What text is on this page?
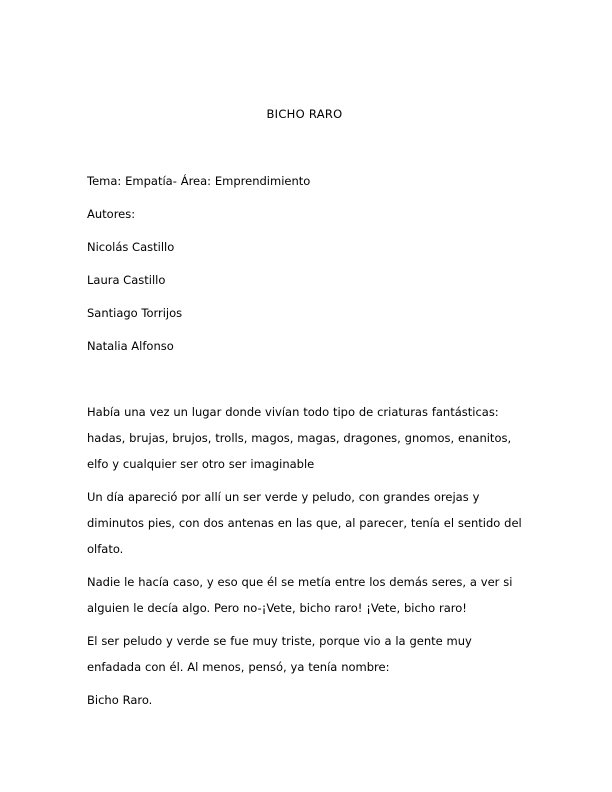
BICHO RARO

Tema: Empatía- Área: Emprendimiento

Autores:

Nicolás Castillo

Laura Castillo

Santiago Torrijos

Natalia Alfonso

Había una vez un lugar donde vivían todo tipo de criaturas fantásticas: hadas, brujas, brujos, trolls, magos, magas, dragones, gnomos, enanitos, elfo y cualquier ser otro ser imaginable

Un día apareció por allí un ser verde y peludo, con grandes orejas y diminutos pies, con dos antenas en las que, al parecer, tenía el sentido del olfato.

Nadie le hacía caso, y eso que él se metía entre los demás seres, a ver si alguien le decía algo. Pero no-¡Vete, bicho raro! ¡Vete, bicho raro!

El ser peludo y verde se fue muy triste, porque vio a la gente muy enfadada con él. Al menos, pensó, ya tenía nombre:

Bicho Raro.
